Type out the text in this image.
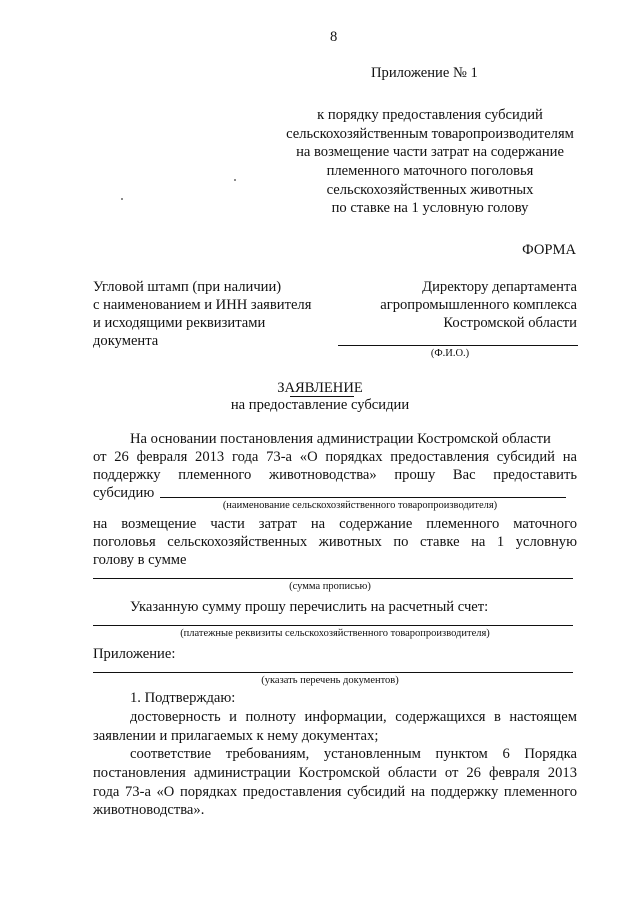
8
Приложение № 1
к порядку предоставления субсидий
сельскохозяйственным товаропроизводителям
на возмещение части затрат на содержание
племенного маточного поголовья
сельскохозяйственных животных
по ставке на 1 условную голову
ФОРМА
Угловой штамп (при наличии)
с наименованием и ИНН заявителя
и исходящими реквизитами
документа
Директору департамента
агропромышленного комплекса
Костромской области
(Ф.И.О.)
ЗАЯВЛЕНИЕ
на предоставление субсидии
На основании постановления администрации Костромской области
от 26 февраля 2013 года 73-а «О порядках предоставления субсидий на
поддержку племенного животноводства» прошу Вас предоставить
субсидию
(наименование сельскохозяйственного товаропроизводителя)
на возмещение части затрат на содержание племенного маточного
поголовья сельскохозяйственных животных по ставке на 1 условную
голову в сумме
(сумма прописью)
Указанную сумму прошу перечислить на расчетный счет:
(платежные реквизиты сельскохозяйственного товаропроизводителя)
Приложение:
(указать перечень документов)
1. Подтверждаю:
достоверность и полноту информации, содержащихся в настоящем
заявлении и прилагаемых к нему документах;
соответствие требованиям, установленным пунктом 6 Порядка
постановления администрации Костромской области от 26 февраля 2013
года 73-а «О порядках предоставления субсидий на поддержку племенного
животноводства».
